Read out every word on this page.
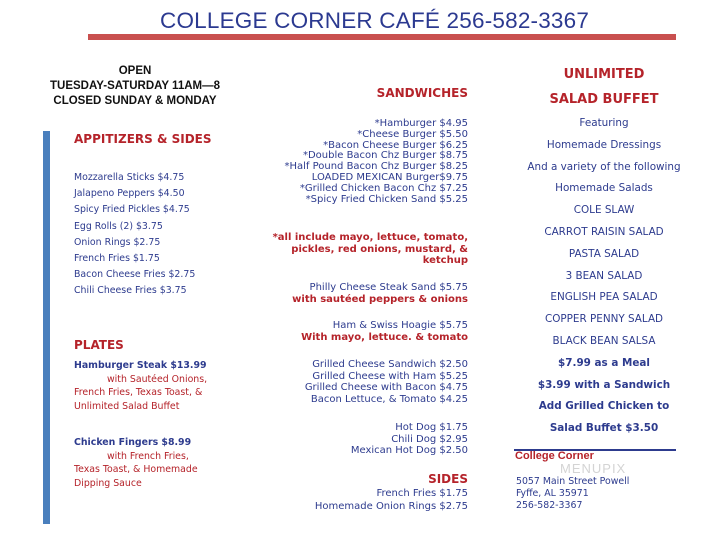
COLLEGE CORNER CAFÉ 256-582-3367
OPEN
TUESDAY-SATURDAY 11AM—8
CLOSED SUNDAY & MONDAY
APPITIZERS & SIDES
Mozzarella Sticks $4.75
Jalapeno Peppers $4.50
Spicy Fried Pickles $4.75
Egg Rolls (2) $3.75
Onion Rings $2.75
French Fries $1.75
Bacon Cheese Fries $2.75
Chili Cheese Fries $3.75
PLATES
Hamburger Steak $13.99
with Sautéed Onions,
French Fries, Texas Toast, &
Unlimited Salad Buffet
Chicken Fingers $8.99
with French Fries,
Texas Toast, & Homemade
Dipping Sauce
SANDWICHES
*Hamburger $4.95
*Cheese Burger $5.50
*Bacon Cheese Burger $6.25
*Double Bacon Chz Burger $8.75
*Half Pound Bacon Chz Burger $8.25
LOADED MEXICAN Burger$9.75
*Grilled Chicken Bacon Chz $7.25
*Spicy Fried Chicken Sand $5.25
*all include mayo, lettuce, tomato,
pickles, red onions, mustard, &
ketchup
Philly Cheese Steak Sand $5.75
with sautéed peppers & onions
Ham & Swiss Hoagie $5.75
With mayo, lettuce. & tomato
Grilled Cheese Sandwich $2.50
Grilled Cheese with Ham $5.25
Grilled Cheese with Bacon $4.75
Bacon Lettuce, & Tomato $4.25
Hot Dog $1.75
Chili Dog $2.95
Mexican Hot Dog $2.50
SIDES
French Fries $1.75
Homemade Onion Rings $2.75
UNLIMITED
SALAD BUFFET
Featuring
Homemade Dressings
And a variety of the following
Homemade Salads
COLE SLAW
CARROT RAISIN SALAD
PASTA SALAD
3 BEAN SALAD
ENGLISH PEA SALAD
COPPER PENNY SALAD
BLACK BEAN SALSA
$7.99 as a Meal
$3.99 with a Sandwich
Add Grilled Chicken to
Salad Buffet $3.50
College Corner
MENUPIX
5057 Main Street Powell
Fyffe, AL 35971
256-582-3367
